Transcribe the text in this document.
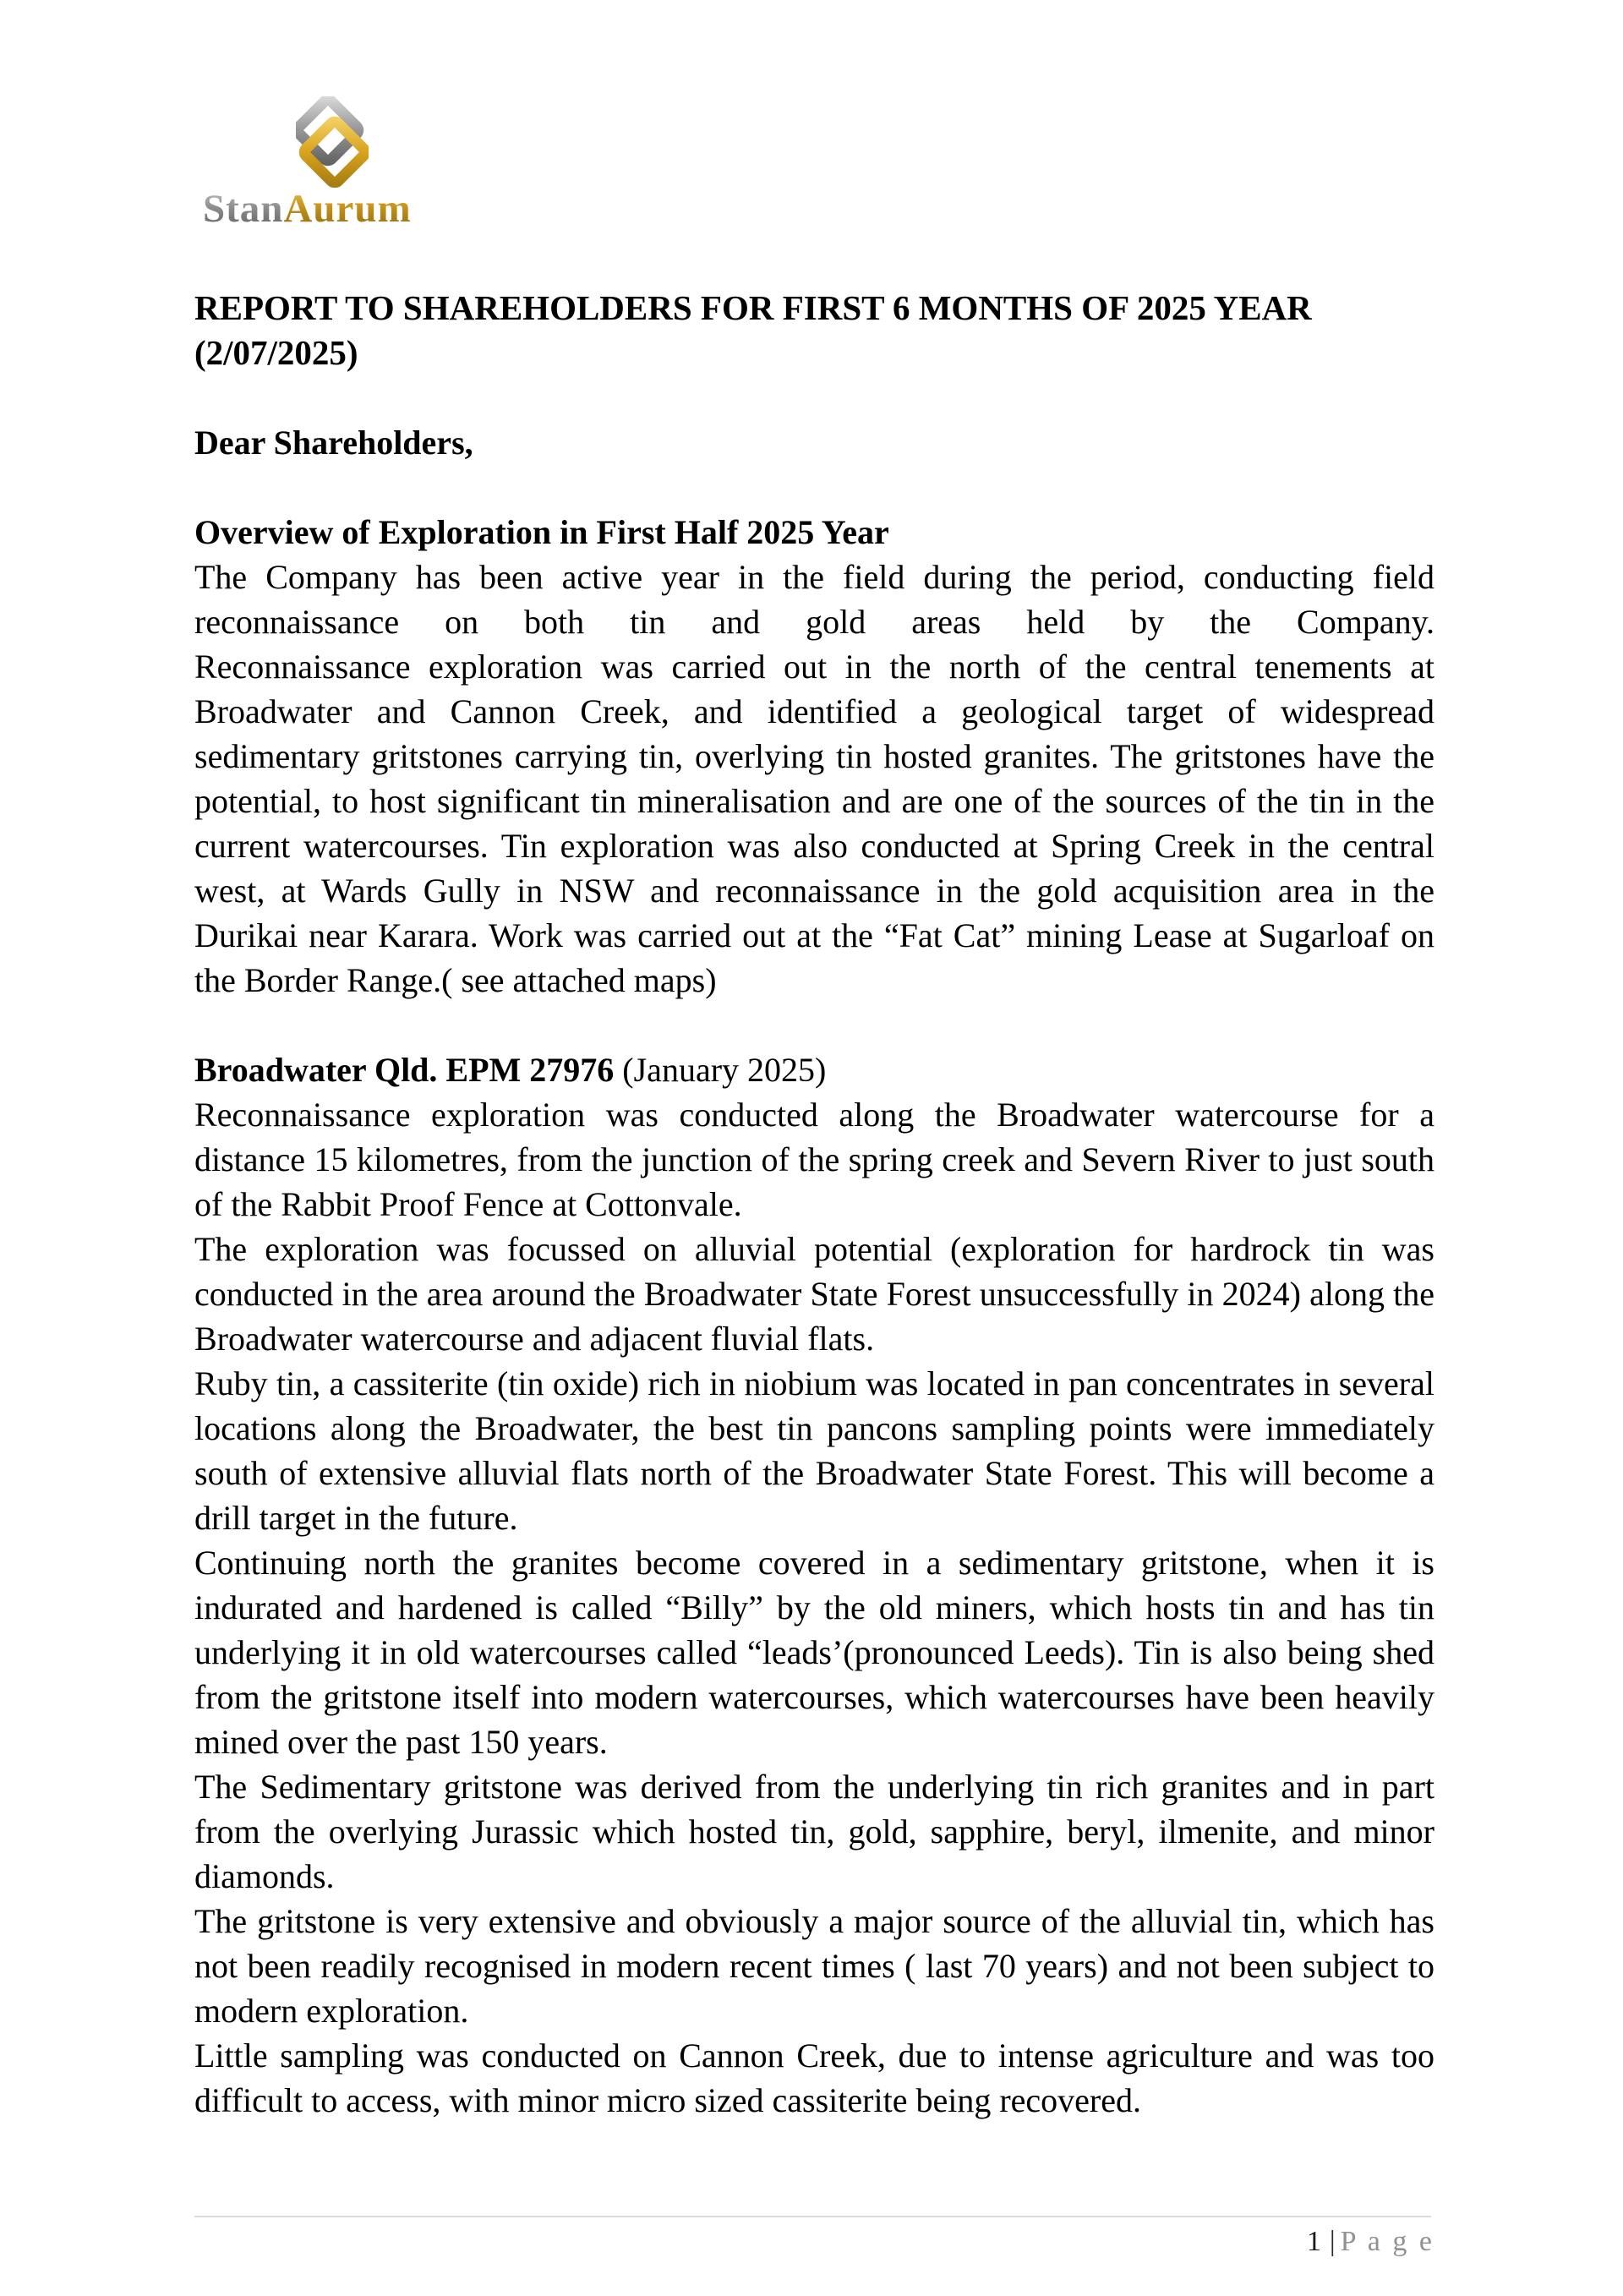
StanAurum
REPORT TO SHAREHOLDERS FOR FIRST 6 MONTHS OF 2025 YEAR (2/07/2025)
Dear Shareholders,
Overview of Exploration in First Half 2025 Year
The Company has been active year in the field during the period, conducting field reconnaissance on both tin and gold areas held by the Company.
Reconnaissance exploration was carried out in the north of the central tenements at Broadwater and Cannon Creek, and identified a geological target of widespread sedimentary gritstones carrying tin, overlying tin hosted granites. The gritstones have the potential, to host significant tin mineralisation and are one of the sources of the tin in the current watercourses. Tin exploration was also conducted at Spring Creek in the central west, at Wards Gully in NSW and reconnaissance in the gold acquisition area in the Durikai near Karara. Work was carried out at the “Fat Cat” mining Lease at Sugarloaf on the Border Range.( see attached maps)
Broadwater Qld. EPM 27976 (January 2025)
Reconnaissance exploration was conducted along the Broadwater watercourse for a distance 15 kilometres, from the junction of the spring creek and Severn River to just south of the Rabbit Proof Fence at Cottonvale.
The exploration was focussed on alluvial potential (exploration for hardrock tin was conducted in the area around the Broadwater State Forest unsuccessfully in 2024) along the Broadwater watercourse and adjacent fluvial flats.
Ruby tin, a cassiterite (tin oxide) rich in niobium was located in pan concentrates in several locations along the Broadwater, the best tin pancons sampling points were immediately south of extensive alluvial flats north of the Broadwater State Forest. This will become a drill target in the future.
Continuing north the granites become covered in a sedimentary gritstone, when it is indurated and hardened is called “Billy” by the old miners, which hosts tin and has tin underlying it in old watercourses called “leads’(pronounced Leeds). Tin is also being shed from the gritstone itself into modern watercourses, which watercourses have been heavily mined over the past 150 years.
The Sedimentary gritstone was derived from the underlying tin rich granites and in part from the overlying Jurassic which hosted tin, gold, sapphire, beryl, ilmenite, and minor diamonds.
The gritstone is very extensive and obviously a major source of the alluvial tin, which has not been readily recognised in modern recent times ( last 70 years) and not been subject to modern exploration.
Little sampling was conducted on Cannon Creek, due to intense agriculture and was too difficult to access, with minor micro sized cassiterite being recovered.
1 | P a g e
